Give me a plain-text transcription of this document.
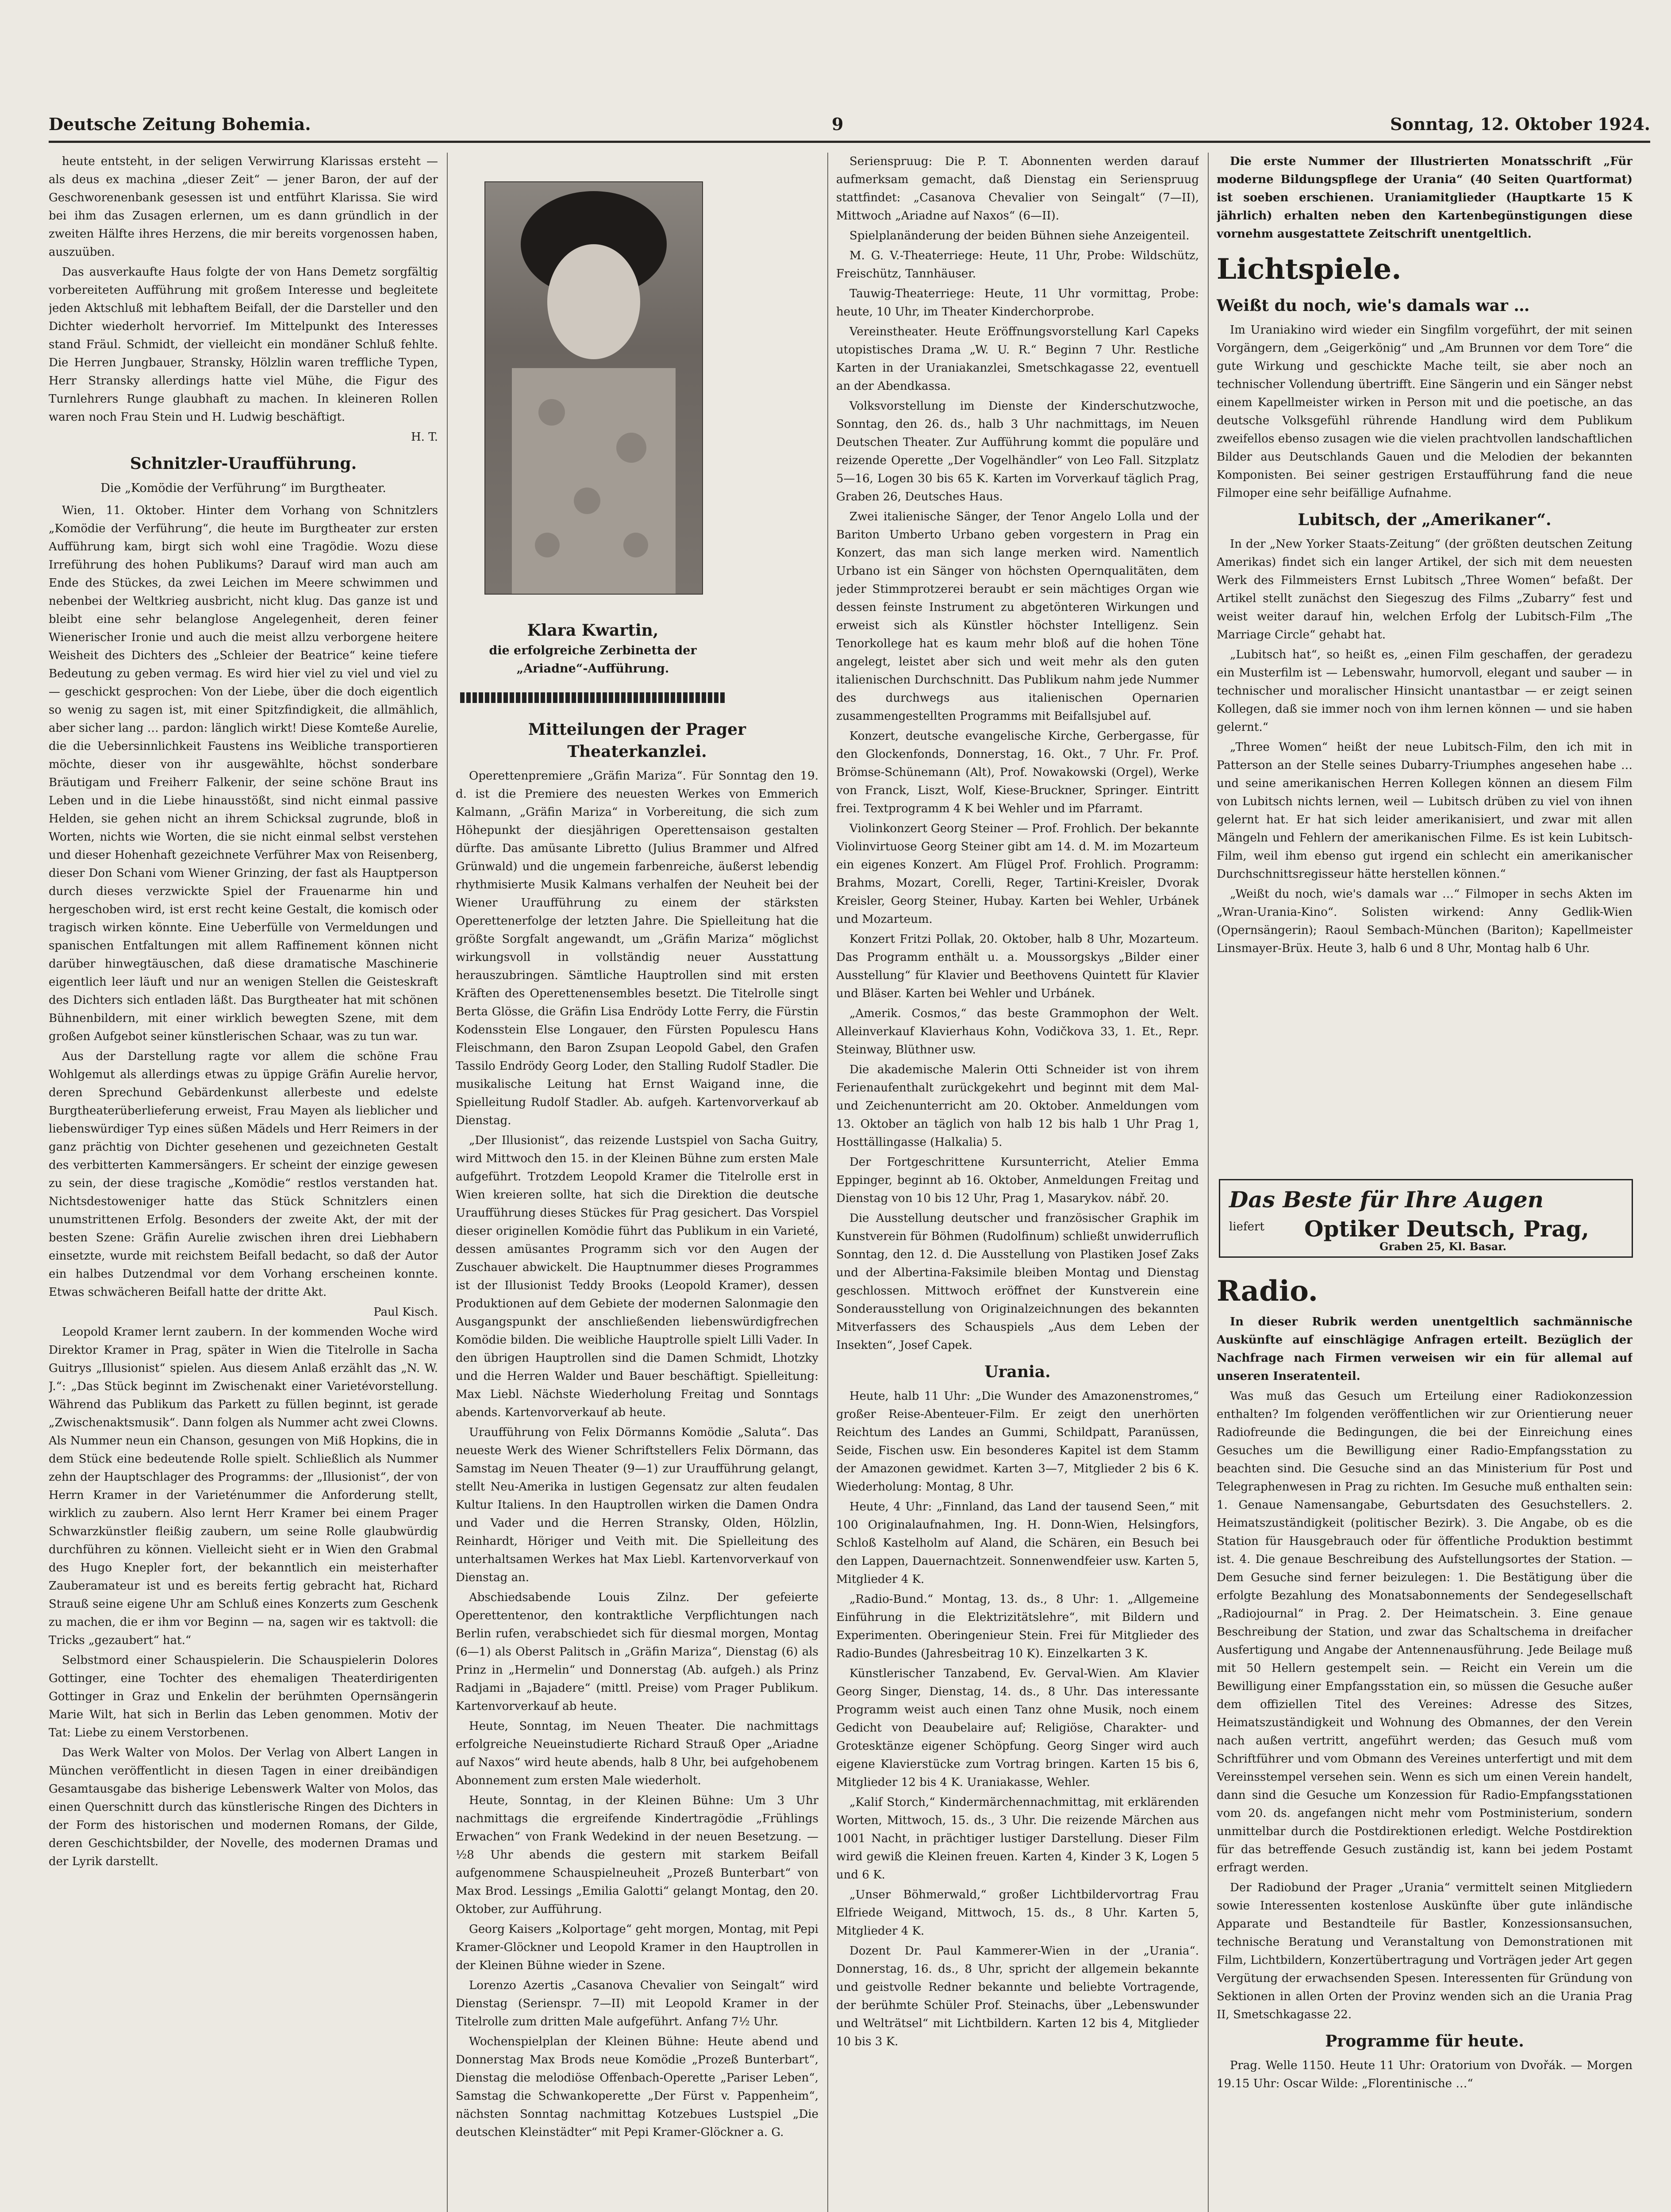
Deutsche Zeitung Bohemia.	9	Sonntag, 12. Oktober 1924.

heute entsteht, in der seligen Verwirrung Klarissas ersteht — als deus ex machina „dieser Zeit“ — jener Baron, der auf der Geschworenenbank gesessen ist und entführt Klarissa. Sie wird bei ihm das Zusagen erlernen, um es dann gründlich in der zweiten Hälfte ihres Herzens, die mir bereits vorgenossen haben, auszuüben.

Das ausverkaufte Haus folgte der von Hans Demetz sorgfältig vorbereiteten Aufführung mit großem Interesse und begleitete jeden Aktschluß mit lebhaftem Beifall, der die Darsteller und den Dichter wiederholt hervorrief. Im Mittelpunkt des Interesses stand Fräul. Schmidt, der vielleicht ein mondäner Schluß fehlte. Die Herren Jungbauer, Stransky, Hölzlin waren treffliche Typen, Herr Stransky allerdings hatte viel Mühe, die Figur des Turnlehrers Runge glaubhaft zu machen. In kleineren Rollen waren noch Frau Stein und H. Ludwig beschäftigt.

H. T.

Schnitzler-Uraufführung.
Die „Komödie der Verführung“ im Burgtheater.

Wien, 11. Oktober. Hinter dem Vorhang von Schnitzlers „Komödie der Verführung“, die heute im Burgtheater zur ersten Aufführung kam, birgt sich wohl eine Tragödie. Wozu diese Irreführung des hohen Publikums? Darauf wird man auch am Ende des Stückes, da zwei Leichen im Meere schwimmen und nebenbei der Weltkrieg ausbricht, nicht klug. Das ganze ist und bleibt eine sehr belanglose Angelegenheit, deren feiner Wienerischer Ironie und auch die meist allzu verborgene heitere Weisheit des Dichters des „Schleier der Beatrice“ keine tiefere Bedeutung zu geben vermag. Es wird hier viel zu viel und viel zu — geschickt gesprochen: Von der Liebe, über die doch eigentlich so wenig zu sagen ist, mit einer Spitzfindigkeit, die allmählich, aber sicher lang … pardon: länglich wirkt! Diese Komteße Aurelie, die die Uebersinnlichkeit Faustens ins Weibliche transportieren möchte, dieser von ihr ausgewählte, höchst sonderbare Bräutigam und Freiherr Falkenir, der seine schöne Braut ins Leben und in die Liebe hinausstößt, sind nicht einmal passive Helden, sie gehen nicht an ihrem Schicksal zugrunde, bloß in Worten, nichts wie Worten, die sie nicht einmal selbst verstehen und dieser Hohenhaft gezeichnete Verführer Max von Reisenberg, dieser Don Schani vom Wiener Grinzing, der fast als Hauptperson durch dieses verzwickte Spiel der Frauenarme hin und hergeschoben wird, ist erst recht keine Gestalt, die komisch oder tragisch wirken könnte. Eine Ueberfülle von Vermeldungen und spanischen Entfaltungen mit allem Raffinement können nicht darüber hinwegtäuschen, daß diese dramatische Maschinerie eigentlich leer läuft und nur an wenigen Stellen die Geisteskraft des Dichters sich entladen läßt. Das Burgtheater hat mit schönen Bühnenbildern, mit einer wirklich bewegten Szene, mit dem großen Aufgebot seiner künstlerischen Schaar, was zu tun war.

Aus der Darstellung ragte vor allem die schöne Frau Wohlgemut als allerdings etwas zu üppige Gräfin Aurelie hervor, deren Sprechund Gebärdenkunst allerbeste und edelste Burgtheaterüberlieferung erweist, Frau Mayen als lieblicher und liebenswürdiger Typ eines süßen Mädels und Herr Reimers in der ganz prächtig von Dichter gesehenen und gezeichneten Gestalt des verbitterten Kammersängers. Er scheint der einzige gewesen zu sein, der diese tragische „Komödie“ restlos verstanden hat. Nichtsdestoweniger hatte das Stück Schnitzlers einen unumstrittenen Erfolg. Besonders der zweite Akt, der mit der besten Szene: Gräfin Aurelie zwischen ihren drei Liebhabern einsetzte, wurde mit reichstem Beifall bedacht, so daß der Autor ein halbes Dutzendmal vor dem Vorhang erscheinen konnte. Etwas schwächeren Beifall hatte der dritte Akt.

Paul Kisch.

Leopold Kramer lernt zaubern. In der kommenden Woche wird Direktor Kramer in Prag, später in Wien die Titelrolle in Sacha Guitrys „Illusionist“ spielen. Aus diesem Anlaß erzählt das „N. W. J.“: „Das Stück beginnt im Zwischenakt einer Varietévorstellung. Während das Publikum das Parkett zu füllen beginnt, ist gerade „Zwischenaktsmusik“. Dann folgen als Nummer acht zwei Clowns. Als Nummer neun ein Chanson, gesungen von Miß Hopkins, die in dem Stück eine bedeutende Rolle spielt. Schließlich als Nummer zehn der Hauptschlager des Programms: der „Illusionist“, der von Herrn Kramer in der Varieténummer die Anforderung stellt, wirklich zu zaubern. Also lernt Herr Kramer bei einem Prager Schwarzkünstler fleißig zaubern, um seine Rolle glaubwürdig durchführen zu können. Vielleicht sieht er in Wien den Grabmal des Hugo Knepler fort, der bekanntlich ein meisterhafter Zauberamateur ist und es bereits fertig gebracht hat, Richard Strauß seine eigene Uhr am Schluß eines Konzerts zum Geschenk zu machen, die er ihm vor Beginn — na, sagen wir es taktvoll: die Tricks „gezaubert“ hat.“

Selbstmord einer Schauspielerin. Die Schauspielerin Dolores Gottinger, eine Tochter des ehemaligen Theaterdirigenten Gottinger in Graz und Enkelin der berühmten Opernsängerin Marie Wilt, hat sich in Berlin das Leben genommen. Motiv der Tat: Liebe zu einem Verstorbenen.

Das Werk Walter von Molos. Der Verlag von Albert Langen in München veröffentlicht in diesen Tagen in einer dreibändigen Gesamtausgabe das bisherige Lebenswerk Walter von Molos, das einen Querschnitt durch das künstlerische Ringen des Dichters in der Form des historischen und modernen Romans, der Gilde, deren Geschichtsbilder, der Novelle, des modernen Dramas und der Lyrik darstellt.

Klara Kwartin,
die erfolgreiche Zerbinetta der „Ariadne“-Aufführung.
Mitteilungen der Prager Theaterkanzlei.

Operettenpremiere „Gräfin Mariza“. Für Sonntag den 19. d. ist die Premiere des neuesten Werkes von Emmerich Kalmann, „Gräfin Mariza“ in Vorbereitung, die sich zum Höhepunkt der diesjährigen Operettensaison gestalten dürfte. Das amüsante Libretto (Julius Brammer und Alfred Grünwald) und die ungemein farbenreiche, äußerst lebendig rhythmisierte Musik Kalmans verhalfen der Neuheit bei der Wiener Uraufführung zu einem der stärksten Operettenerfolge der letzten Jahre. Die Spielleitung hat die größte Sorgfalt angewandt, um „Gräfin Mariza“ möglichst wirkungsvoll in vollständig neuer Ausstattung herauszubringen. Sämtliche Hauptrollen sind mit ersten Kräften des Operettenensembles besetzt. Die Titelrolle singt Berta Glösse, die Gräfin Lisa Endrödy Lotte Ferry, die Fürstin Kodensstein Else Longauer, den Fürsten Populescu Hans Fleischmann, den Baron Zsupan Leopold Gabel, den Grafen Tassilo Endrödy Georg Loder, den Stalling Rudolf Stadler. Die musikalische Leitung hat Ernst Waigand inne, die Spielleitung Rudolf Stadler. Ab. aufgeh. Kartenvorverkauf ab Dienstag.

„Der Illusionist“, das reizende Lustspiel von Sacha Guitry, wird Mittwoch den 15. in der Kleinen Bühne zum ersten Male aufgeführt. Trotzdem Leopold Kramer die Titelrolle erst in Wien kreieren sollte, hat sich die Direktion die deutsche Uraufführung dieses Stückes für Prag gesichert. Das Vorspiel dieser originellen Komödie führt das Publikum in ein Varieté, dessen amüsantes Programm sich vor den Augen der Zuschauer abwickelt. Die Hauptnummer dieses Programmes ist der Illusionist Teddy Brooks (Leopold Kramer), dessen Produktionen auf dem Gebiete der modernen Salonmagie den Ausgangspunkt der anschließenden liebenswürdigfrechen Komödie bilden. Die weibliche Hauptrolle spielt Lilli Vader. In den übrigen Hauptrollen sind die Damen Schmidt, Lhotzky und die Herren Walder und Bauer beschäftigt. Spielleitung: Max Liebl. Nächste Wiederholung Freitag und Sonntags abends. Kartenvorverkauf ab heute.

Uraufführung von Felix Dörmanns Komödie „Saluta“. Das neueste Werk des Wiener Schriftstellers Felix Dörmann, das Samstag im Neuen Theater (9—1) zur Uraufführung gelangt, stellt Neu-Amerika in lustigen Gegensatz zur alten feudalen Kultur Italiens. In den Hauptrollen wirken die Damen Ondra und Vader und die Herren Stransky, Olden, Hölzlin, Reinhardt, Höriger und Veith mit. Die Spielleitung des unterhaltsamen Werkes hat Max Liebl. Kartenvorverkauf von Dienstag an.

Abschiedsabende Louis Zilnz. Der gefeierte Operettentenor, den kontraktliche Verpflichtungen nach Berlin rufen, verabschiedet sich für diesmal morgen, Montag (6—1) als Oberst Palitsch in „Gräfin Mariza“, Dienstag (6) als Prinz in „Hermelin“ und Donnerstag (Ab. aufgeh.) als Prinz Radjami in „Bajadere“ (mittl. Preise) vom Prager Publikum. Kartenvorverkauf ab heute.

Heute, Sonntag, im Neuen Theater. Die nachmittags erfolgreiche Neueinstudierte Richard Strauß Oper „Ariadne auf Naxos“ wird heute abends, halb 8 Uhr, bei aufgehobenem Abonnement zum ersten Male wiederholt.

Heute, Sonntag, in der Kleinen Bühne: Um 3 Uhr nachmittags die ergreifende Kindertragödie „Frühlings Erwachen“ von Frank Wedekind in der neuen Besetzung. — ½8 Uhr abends die gestern mit starkem Beifall aufgenommene Schauspielneuheit „Prozeß Bunterbart“ von Max Brod. Lessings „Emilia Galotti“ gelangt Montag, den 20. Oktober, zur Aufführung.

Georg Kaisers „Kolportage“ geht morgen, Montag, mit Pepi Kramer-Glöckner und Leopold Kramer in den Hauptrollen in der Kleinen Bühne wieder in Szene.

Lorenzo Azertis „Casanova Chevalier von Seingalt“ wird Dienstag (Serienspr. 7—II) mit Leopold Kramer in der Titelrolle zum dritten Male aufgeführt. Anfang 7½ Uhr.

Wochenspielplan der Kleinen Bühne: Heute abend und Donnerstag Max Brods neue Komödie „Prozeß Bunterbart“, Dienstag die melodiöse Offenbach-Operette „Pariser Leben“, Samstag die Schwankoperette „Der Fürst v. Pappenheim“, nächsten Sonntag nachmittag Kotzebues Lustspiel „Die deutschen Kleinstädter“ mit Pepi Kramer-Glöckner a. G.

Serienspruug: Die P. T. Abonnenten werden darauf aufmerksam gemacht, daß Dienstag ein Serienspruug stattfindet: „Casanova Chevalier von Seingalt“ (7—II), Mittwoch „Ariadne auf Naxos“ (6—II).

Spielplanänderung der beiden Bühnen siehe Anzeigenteil.

M. G. V.-Theaterriege: Heute, 11 Uhr, Probe: Wildschütz, Freischütz, Tannhäuser.

Tauwig-Theaterriege: Heute, 11 Uhr vormittag, Probe: heute, 10 Uhr, im Theater Kinderchorprobe.

Vereinstheater. Heute Eröffnungsvorstellung Karl Capeks utopistisches Drama „W. U. R.“ Beginn 7 Uhr. Restliche Karten in der Uraniakanzlei, Smetschkagasse 22, eventuell an der Abendkassa.

Volksvorstellung im Dienste der Kinderschutzwoche, Sonntag, den 26. ds., halb 3 Uhr nachmittags, im Neuen Deutschen Theater. Zur Aufführung kommt die populäre und reizende Operette „Der Vogelhändler“ von Leo Fall. Sitzplatz 5—16, Logen 30 bis 65 K. Karten im Vorverkauf täglich Prag, Graben 26, Deutsches Haus.

Zwei italienische Sänger, der Tenor Angelo Lolla und der Bariton Umberto Urbano geben vorgestern in Prag ein Konzert, das man sich lange merken wird. Namentlich Urbano ist ein Sänger von höchsten Opernqualitäten, dem jeder Stimmprotzerei beraubt er sein mächtiges Organ wie dessen feinste Instrument zu abgetönteren Wirkungen und erweist sich als Künstler höchster Intelligenz. Sein Tenorkollege hat es kaum mehr bloß auf die hohen Töne angelegt, leistet aber sich und weit mehr als den guten italienischen Durchschnitt. Das Publikum nahm jede Nummer des durchwegs aus italienischen Opernarien zusammengestellten Programms mit Beifallsjubel auf.

Konzert, deutsche evangelische Kirche, Gerbergasse, für den Glockenfonds, Donnerstag, 16. Okt., 7 Uhr. Fr. Prof. Brömse-Schünemann (Alt), Prof. Nowakowski (Orgel), Werke von Franck, Liszt, Wolf, Kiese-Bruckner, Springer. Eintritt frei. Textprogramm 4 K bei Wehler und im Pfarramt.

Violinkonzert Georg Steiner — Prof. Frohlich. Der bekannte Violinvirtuose Georg Steiner gibt am 14. d. M. im Mozarteum ein eigenes Konzert. Am Flügel Prof. Frohlich. Programm: Brahms, Mozart, Corelli, Reger, Tartini-Kreisler, Dvorak Kreisler, Georg Steiner, Hubay. Karten bei Wehler, Urbánek und Mozarteum.

Konzert Fritzi Pollak, 20. Oktober, halb 8 Uhr, Mozarteum. Das Programm enthält u. a. Moussorgskys „Bilder einer Ausstellung“ für Klavier und Beethovens Quintett für Klavier und Bläser. Karten bei Wehler und Urbánek.

„Amerik. Cosmos,“ das beste Grammophon der Welt. Alleinverkauf Klavierhaus Kohn, Vodičkova 33, 1. Et., Repr. Steinway, Blüthner usw.

Die akademische Malerin Otti Schneider ist von ihrem Ferienaufenthalt zurückgekehrt und beginnt mit dem Mal- und Zeichenunterricht am 20. Oktober. Anmeldungen vom 13. Oktober an täglich von halb 12 bis halb 1 Uhr Prag 1, Hosttällingasse (Halkalia) 5.

Der Fortgeschrittene Kursunterricht, Atelier Emma Eppinger, beginnt ab 16. Oktober, Anmeldungen Freitag und Dienstag von 10 bis 12 Uhr, Prag 1, Masarykov. nábř. 20.

Die Ausstellung deutscher und französischer Graphik im Kunstverein für Böhmen (Rudolfinum) schließt unwiderruflich Sonntag, den 12. d. Die Ausstellung von Plastiken Josef Zaks und der Albertina-Faksimile bleiben Montag und Dienstag geschlossen. Mittwoch eröffnet der Kunstverein eine Sonderausstellung von Originalzeichnungen des bekannten Mitverfassers des Schauspiels „Aus dem Leben der Insekten“, Josef Capek.

Urania.

Heute, halb 11 Uhr: „Die Wunder des Amazonenstromes,“ großer Reise-Abenteuer-Film. Er zeigt den unerhörten Reichtum des Landes an Gummi, Schildpatt, Paranüssen, Seide, Fischen usw. Ein besonderes Kapitel ist dem Stamm der Amazonen gewidmet. Karten 3—7, Mitglieder 2 bis 6 K. Wiederholung: Montag, 8 Uhr.

Heute, 4 Uhr: „Finnland, das Land der tausend Seen,“ mit 100 Originalaufnahmen, Ing. H. Donn-Wien, Helsingfors, Schloß Kastelholm auf Aland, die Schären, ein Besuch bei den Lappen, Dauernachtzeit. Sonnenwendfeier usw. Karten 5, Mitglieder 4 K.

„Radio-Bund.“ Montag, 13. ds., 8 Uhr: 1. „Allgemeine Einführung in die Elektrizitätslehre“, mit Bildern und Experimenten. Oberingenieur Stein. Frei für Mitglieder des Radio-Bundes (Jahresbeitrag 10 K). Einzelkarten 3 K.

Künstlerischer Tanzabend, Ev. Gerval-Wien. Am Klavier Georg Singer, Dienstag, 14. ds., 8 Uhr. Das interessante Programm weist auch einen Tanz ohne Musik, noch einem Gedicht von Deaubelaire auf; Religiöse, Charakter- und Grotesktänze eigener Schöpfung. Georg Singer wird auch eigene Klavierstücke zum Vortrag bringen. Karten 15 bis 6, Mitglieder 12 bis 4 K. Uraniakasse, Wehler.

„Kalif Storch,“ Kindermärchennachmittag, mit erklärenden Worten, Mittwoch, 15. ds., 3 Uhr. Die reizende Märchen aus 1001 Nacht, in prächtiger lustiger Darstellung. Dieser Film wird gewiß die Kleinen freuen. Karten 4, Kinder 3 K, Logen 5 und 6 K.

„Unser Böhmerwald,“ großer Lichtbildervortrag Frau Elfriede Weigand, Mittwoch, 15. ds., 8 Uhr. Karten 5, Mitglieder 4 K.

Dozent Dr. Paul Kammerer-Wien in der „Urania“. Donnerstag, 16. ds., 8 Uhr, spricht der allgemein bekannte und geistvolle Redner bekannte und beliebte Vortragende, der berühmte Schüler Prof. Steinachs, über „Lebenswunder und Welträtsel“ mit Lichtbildern. Karten 12 bis 4, Mitglieder 10 bis 3 K.

Die erste Nummer der Illustrierten Monatsschrift „Für moderne Bildungspflege der Urania“ (40 Seiten Quartformat) ist soeben erschienen. Uraniamitglieder (Hauptkarte 15 K jährlich) erhalten neben den Kartenbegünstigungen diese vornehm ausgestattete Zeitschrift unentgeltlich.

Lichtspiele.
Weißt du noch, wie's damals war …

Im Uraniakino wird wieder ein Singfilm vorgeführt, der mit seinen Vorgängern, dem „Geigerkönig“ und „Am Brunnen vor dem Tore“ die gute Wirkung und geschickte Mache teilt, sie aber noch an technischer Vollendung übertrifft. Eine Sängerin und ein Sänger nebst einem Kapellmeister wirken in Person mit und die poetische, an das deutsche Volksgefühl rührende Handlung wird dem Publikum zweifellos ebenso zusagen wie die vielen prachtvollen landschaftlichen Bilder aus Deutschlands Gauen und die Melodien der bekannten Komponisten. Bei seiner gestrigen Erstaufführung fand die neue Filmoper eine sehr beifällige Aufnahme.

Lubitsch, der „Amerikaner“.

In der „New Yorker Staats-Zeitung“ (der größten deutschen Zeitung Amerikas) findet sich ein langer Artikel, der sich mit dem neuesten Werk des Filmmeisters Ernst Lubitsch „Three Women“ befaßt. Der Artikel stellt zunächst den Siegeszug des Films „Zubarry“ fest und weist weiter darauf hin, welchen Erfolg der Lubitsch-Film „The Marriage Circle“ gehabt hat.

„Lubitsch hat“, so heißt es, „einen Film geschaffen, der geradezu ein Musterfilm ist — Lebenswahr, humorvoll, elegant und sauber — in technischer und moralischer Hinsicht unantastbar — er zeigt seinen Kollegen, daß sie immer noch von ihm lernen können — und sie haben gelernt.“

„Three Women“ heißt der neue Lubitsch-Film, den ich mit in Patterson an der Stelle seines Dubarry-Triumphes angesehen habe … und seine amerikanischen Herren Kollegen können an diesem Film von Lubitsch nichts lernen, weil — Lubitsch drüben zu viel von ihnen gelernt hat. Er hat sich leider amerikanisiert, und zwar mit allen Mängeln und Fehlern der amerikanischen Filme. Es ist kein Lubitsch-Film, weil ihm ebenso gut irgend ein schlecht ein amerikanischer Durchschnittsregisseur hätte herstellen können.“

„Weißt du noch, wie's damals war …“ Filmoper in sechs Akten im „Wran-Urania-Kino“. Solisten wirkend: Anny Gedlik-Wien (Opernsängerin); Raoul Sembach-München (Bariton); Kapellmeister Linsmayer-Brüx. Heute 3, halb 6 und 8 Uhr, Montag halb 6 Uhr.

Das Beste für Ihre Augen
liefert Optiker Deutsch, Prag,
Graben 25, Kl. Basar.
Radio.

In dieser Rubrik werden unentgeltlich sachmännische Auskünfte auf einschlägige Anfragen erteilt. Bezüglich der Nachfrage nach Firmen verweisen wir ein für allemal auf unseren Inseratenteil.

Was muß das Gesuch um Erteilung einer Radiokonzession enthalten? Im folgenden veröffentlichen wir zur Orientierung neuer Radiofreunde die Bedingungen, die bei der Einreichung eines Gesuches um die Bewilligung einer Radio-Empfangsstation zu beachten sind. Die Gesuche sind an das Ministerium für Post und Telegraphenwesen in Prag zu richten. Im Gesuche muß enthalten sein: 1. Genaue Namensangabe, Geburtsdaten des Gesuchstellers. 2. Heimatszuständigkeit (politischer Bezirk). 3. Die Angabe, ob es die Station für Hausgebrauch oder für öffentliche Produktion bestimmt ist. 4. Die genaue Beschreibung des Aufstellungsortes der Station. — Dem Gesuche sind ferner beizulegen: 1. Die Bestätigung über die erfolgte Bezahlung des Monatsabonnements der Sendegesellschaft „Radiojournal“ in Prag. 2. Der Heimatschein. 3. Eine genaue Beschreibung der Station, und zwar das Schaltschema in dreifacher Ausfertigung und Angabe der Antennenausführung. Jede Beilage muß mit 50 Hellern gestempelt sein. — Reicht ein Verein um die Bewilligung einer Empfangsstation ein, so müssen die Gesuche außer dem offiziellen Titel des Vereines: Adresse des Sitzes, Heimatszuständigkeit und Wohnung des Obmannes, der den Verein nach außen vertritt, angeführt werden; das Gesuch muß vom Schriftführer und vom Obmann des Vereines unterfertigt und mit dem Vereinsstempel versehen sein. Wenn es sich um einen Verein handelt, dann sind die Gesuche um Konzession für Radio-Empfangsstationen vom 20. ds. angefangen nicht mehr vom Postministerium, sondern unmittelbar durch die Postdirektionen erledigt. Welche Postdirektion für das betreffende Gesuch zuständig ist, kann bei jedem Postamt erfragt werden.

Der Radiobund der Prager „Urania“ vermittelt seinen Mitgliedern sowie Interessenten kostenlose Auskünfte über gute inländische Apparate und Bestandteile für Bastler, Konzessionsansuchen, technische Beratung und Veranstaltung von Demonstrationen mit Film, Lichtbildern, Konzertübertragung und Vorträgen jeder Art gegen Vergütung der erwachsenden Spesen. Interessenten für Gründung von Sektionen in allen Orten der Provinz wenden sich an die Urania Prag II, Smetschkagasse 22.

Programme für heute.

Prag. Welle 1150. Heute 11 Uhr: Oratorium von Dvořák. — Morgen 19.15 Uhr: Oscar Wilde: „Florentinische …“
